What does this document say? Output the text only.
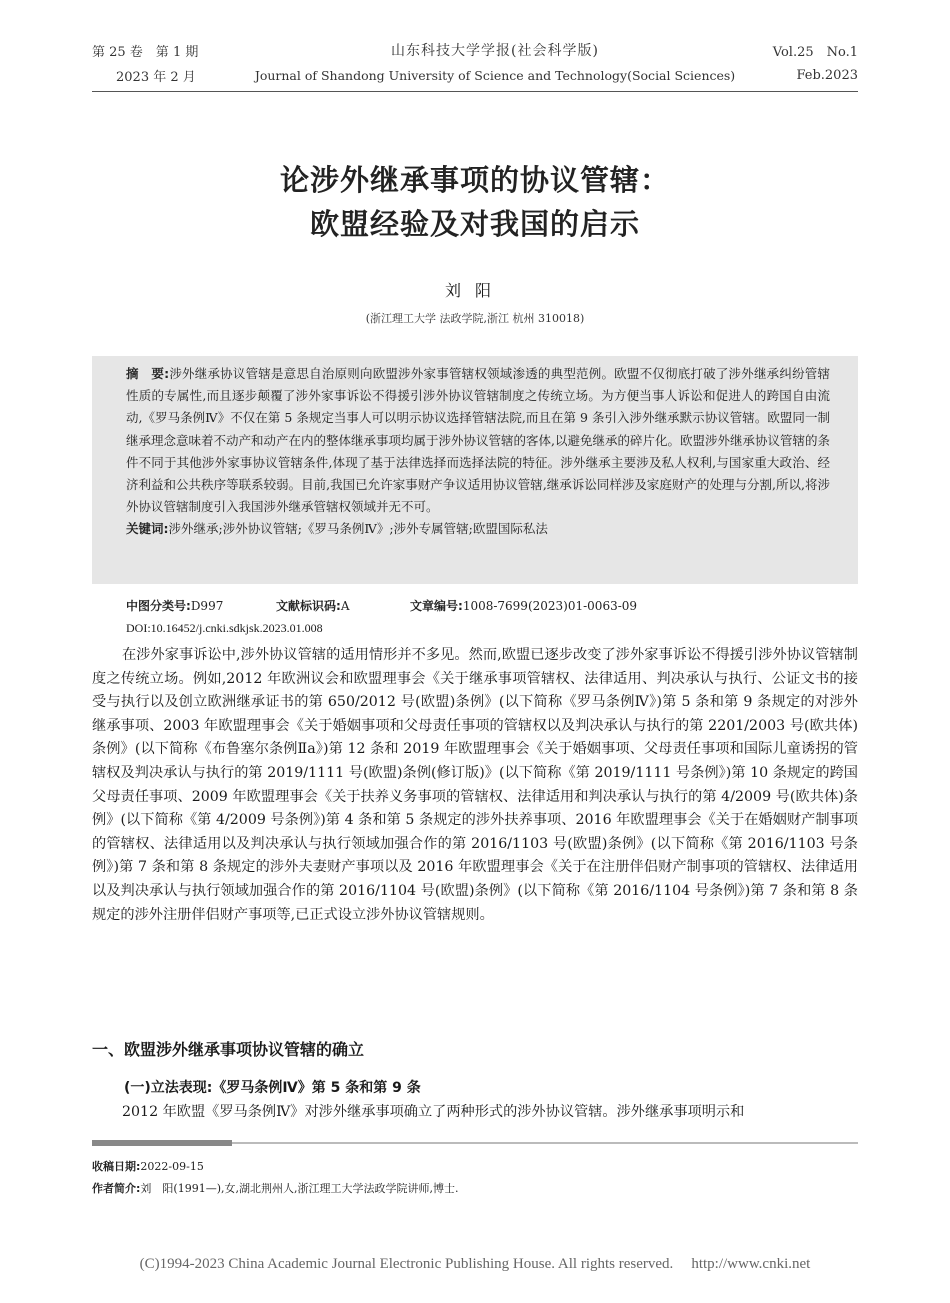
第 25 卷　第 1 期	山东科技大学学报(社会科学版)	Vol.25　No.1
2023 年 2 月	Journal of Shandong University of Science and Technology(Social Sciences)	Feb.2023
论涉外继承事项的协议管辖：
欧盟经验及对我国的启示
刘阳
(浙江理工大学 法政学院,浙江 杭州 310018)
摘　要:涉外继承协议管辖是意思自治原则向欧盟涉外家事管辖权领域渗透的典型范例。欧盟不仅彻底打破了涉外继承纠纷管辖性质的专属性,而且逐步颠覆了涉外家事诉讼不得援引涉外协议管辖制度之传统立场。为方便当事人诉讼和促进人的跨国自由流动,《罗马条例Ⅳ》不仅在第 5 条规定当事人可以明示协议选择管辖法院,而且在第 9 条引入涉外继承默示协议管辖。欧盟同一制继承理念意味着不动产和动产在内的整体继承事项均属于涉外协议管辖的客体,以避免继承的碎片化。欧盟涉外继承协议管辖的条件不同于其他涉外家事协议管辖条件,体现了基于法律选择而选择法院的特征。涉外继承主要涉及私人权利,与国家重大政治、经济利益和公共秩序等联系较弱。目前,我国已允许家事财产争议适用协议管辖,继承诉讼同样涉及家庭财产的处理与分割,所以,将涉外协议管辖制度引入我国涉外继承管辖权领域并无不可。
关键词:涉外继承;涉外协议管辖;《罗马条例Ⅳ》;涉外专属管辖;欧盟国际私法
中图分类号:D997	文献标识码:A	文章编号:1008-7699(2023)01-0063-09
DOI:10.16452/j.cnki.sdkjsk.2023.01.008

在涉外家事诉讼中,涉外协议管辖的适用情形并不多见。然而,欧盟已逐步改变了涉外家事诉讼不得援引涉外协议管辖制度之传统立场。例如,2012 年欧洲议会和欧盟理事会《关于继承事项管辖权、法律适用、判决承认与执行、公证文书的接受与执行以及创立欧洲继承证书的第 650/2012 号(欧盟)条例》(以下简称《罗马条例Ⅳ》)第 5 条和第 9 条规定的对涉外继承事项、2003 年欧盟理事会《关于婚姻事项和父母责任事项的管辖权以及判决承认与执行的第 2201/2003 号(欧共体)条例》(以下简称《布鲁塞尔条例Ⅱa》)第 12 条和 2019 年欧盟理事会《关于婚姻事项、父母责任事项和国际儿童诱拐的管辖权及判决承认与执行的第 2019/1111 号(欧盟)条例(修订版)》(以下简称《第 2019/1111 号条例》)第 10 条规定的跨国父母责任事项、2009 年欧盟理事会《关于扶养义务事项的管辖权、法律适用和判决承认与执行的第 4/2009 号(欧共体)条例》(以下简称《第 4/2009 号条例》)第 4 条和第 5 条规定的涉外扶养事项、2016 年欧盟理事会《关于在婚姻财产制事项的管辖权、法律适用以及判决承认与执行领域加强合作的第 2016/1103 号(欧盟)条例》(以下简称《第 2016/1103 号条例》)第 7 条和第 8 条规定的涉外夫妻财产事项以及 2016 年欧盟理事会《关于在注册伴侣财产制事项的管辖权、法律适用以及判决承认与执行领域加强合作的第 2016/1104 号(欧盟)条例》(以下简称《第 2016/1104 号条例》)第 7 条和第 8 条规定的涉外注册伴侣财产事项等,已正式设立涉外协议管辖规则。

一、欧盟涉外继承事项协议管辖的确立
(一)立法表现:《罗马条例Ⅳ》第 5 条和第 9 条

2012 年欧盟《罗马条例Ⅳ》对涉外继承事项确立了两种形式的涉外协议管辖。涉外继承事项明示和

收稿日期:2022-09-15
作者简介:刘　阳(1991—),女,湖北荆州人,浙江理工大学法政学院讲师,博士.
(C)1994-2023 China Academic Journal Electronic Publishing House. All rights reserved. http://www.cnki.net
